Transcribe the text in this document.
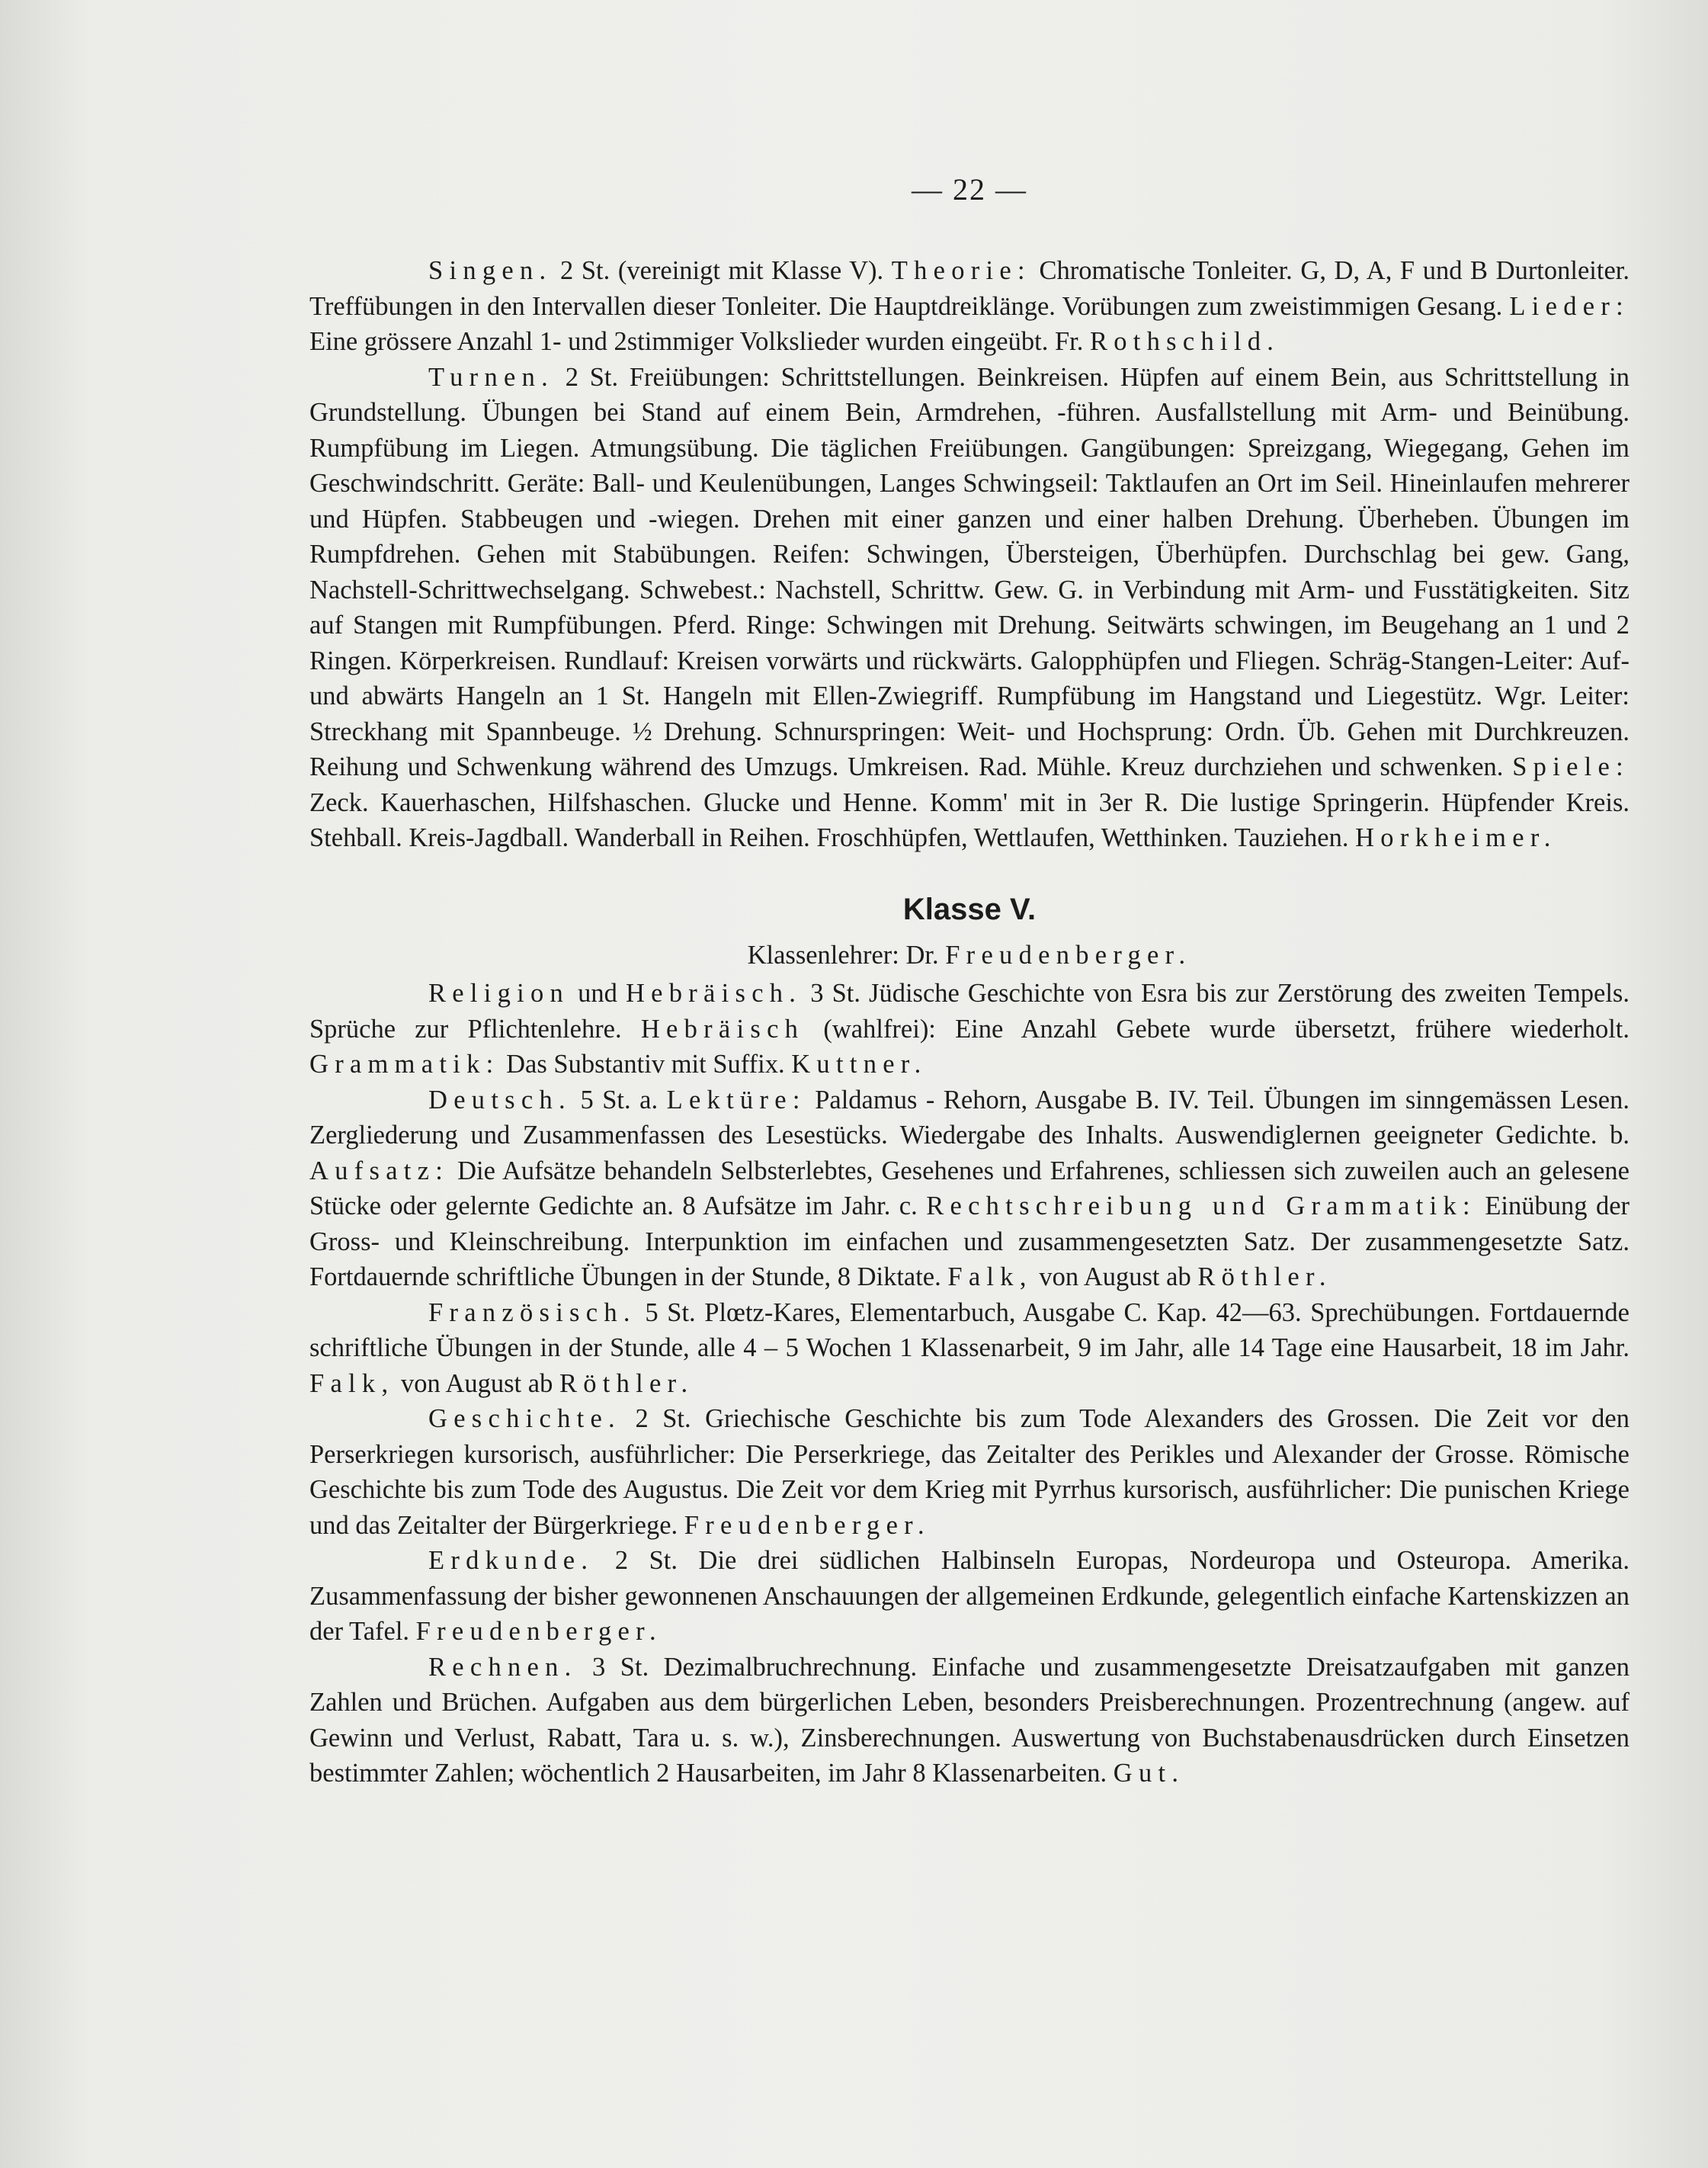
— 22 —

Singen. 2 St. (vereinigt mit Klasse V). Theorie: Chromatische Tonleiter. G, D, A, F und B Durtonleiter. Treffübungen in den Intervallen dieser Tonleiter. Die Hauptdreiklänge. Vorübungen zum zweistimmigen Gesang. Lieder: Eine grössere Anzahl 1- und 2stimmiger Volkslieder wurden eingeübt. Fr. Rothschild.

Turnen. 2 St. Freiübungen: Schrittstellungen. Beinkreisen. Hüpfen auf einem Bein, aus Schrittstellung in Grundstellung. Übungen bei Stand auf einem Bein, Armdrehen, -führen. Ausfallstellung mit Arm- und Beinübung. Rumpfübung im Liegen. Atmungsübung. Die täglichen Freiübungen. Gangübungen: Spreizgang, Wiegegang, Gehen im Geschwindschritt. Geräte: Ball- und Keulenübungen, Langes Schwingseil: Taktlaufen an Ort im Seil. Hineinlaufen mehrerer und Hüpfen. Stabbeugen und -wiegen. Drehen mit einer ganzen und einer halben Drehung. Überheben. Übungen im Rumpfdrehen. Gehen mit Stabübungen. Reifen: Schwingen, Übersteigen, Überhüpfen. Durchschlag bei gew. Gang, Nachstell-Schrittwechselgang. Schwebest.: Nachstell, Schrittw. Gew. G. in Verbindung mit Arm- und Fusstätigkeiten. Sitz auf Stangen mit Rumpfübungen. Pferd. Ringe: Schwingen mit Drehung. Seitwärts schwingen, im Beugehang an 1 und 2 Ringen. Körperkreisen. Rundlauf: Kreisen vorwärts und rückwärts. Galopphüpfen und Fliegen. Schräg-Stangen-Leiter: Auf- und abwärts Hangeln an 1 St. Hangeln mit Ellen-Zwiegriff. Rumpfübung im Hangstand und Liegestütz. Wgr. Leiter: Streckhang mit Spannbeuge. ½ Drehung. Schnurspringen: Weit- und Hochsprung: Ordn. Üb. Gehen mit Durchkreuzen. Reihung und Schwenkung während des Umzugs. Umkreisen. Rad. Mühle. Kreuz durchziehen und schwenken. Spiele: Zeck. Kauerhaschen, Hilfshaschen. Glucke und Henne. Komm' mit in 3er R. Die lustige Springerin. Hüpfender Kreis. Stehball. Kreis-Jagdball. Wanderball in Reihen. Froschhüpfen, Wettlaufen, Wetthinken. Tauziehen. Horkheimer.

Klasse V.
Klassenlehrer: Dr. Freudenberger.

Religion und Hebräisch. 3 St. Jüdische Geschichte von Esra bis zur Zerstörung des zweiten Tempels. Sprüche zur Pflichtenlehre. Hebräisch (wahlfrei): Eine Anzahl Gebete wurde übersetzt, frühere wiederholt. Grammatik: Das Substantiv mit Suffix. Kuttner.

Deutsch. 5 St. a. Lektüre: Paldamus - Rehorn, Ausgabe B. IV. Teil. Übungen im sinngemässen Lesen. Zergliederung und Zusammenfassen des Lesestücks. Wiedergabe des Inhalts. Auswendiglernen geeigneter Gedichte. b. Aufsatz: Die Aufsätze behandeln Selbsterlebtes, Gesehenes und Erfahrenes, schliessen sich zuweilen auch an gelesene Stücke oder gelernte Gedichte an. 8 Aufsätze im Jahr. c. Rechtschreibung und Grammatik: Einübung der Gross- und Kleinschreibung. Interpunktion im einfachen und zusammengesetzten Satz. Der zusammengesetzte Satz. Fortdauernde schriftliche Übungen in der Stunde, 8 Diktate. Falk, von August ab Röthler.

Französisch. 5 St. Plœtz-Kares, Elementarbuch, Ausgabe C. Kap. 42—63. Sprechübungen. Fortdauernde schriftliche Übungen in der Stunde, alle 4 – 5 Wochen 1 Klassenarbeit, 9 im Jahr, alle 14 Tage eine Hausarbeit, 18 im Jahr. Falk, von August ab Röthler.

Geschichte. 2 St. Griechische Geschichte bis zum Tode Alexanders des Grossen. Die Zeit vor den Perserkriegen kursorisch, ausführlicher: Die Perserkriege, das Zeitalter des Perikles und Alexander der Grosse. Römische Geschichte bis zum Tode des Augustus. Die Zeit vor dem Krieg mit Pyrrhus kursorisch, ausführlicher: Die punischen Kriege und das Zeitalter der Bürgerkriege. Freudenberger.

Erdkunde. 2 St. Die drei südlichen Halbinseln Europas, Nordeuropa und Osteuropa. Amerika. Zusammenfassung der bisher gewonnenen Anschauungen der allgemeinen Erdkunde, gelegentlich einfache Kartenskizzen an der Tafel. Freudenberger.

Rechnen. 3 St. Dezimalbruchrechnung. Einfache und zusammengesetzte Dreisatzaufgaben mit ganzen Zahlen und Brüchen. Aufgaben aus dem bürgerlichen Leben, besonders Preisberechnungen. Prozentrechnung (angew. auf Gewinn und Verlust, Rabatt, Tara u. s. w.), Zinsberechnungen. Auswertung von Buchstabenausdrücken durch Einsetzen bestimmter Zahlen; wöchentlich 2 Hausarbeiten, im Jahr 8 Klassenarbeiten. Gut.
